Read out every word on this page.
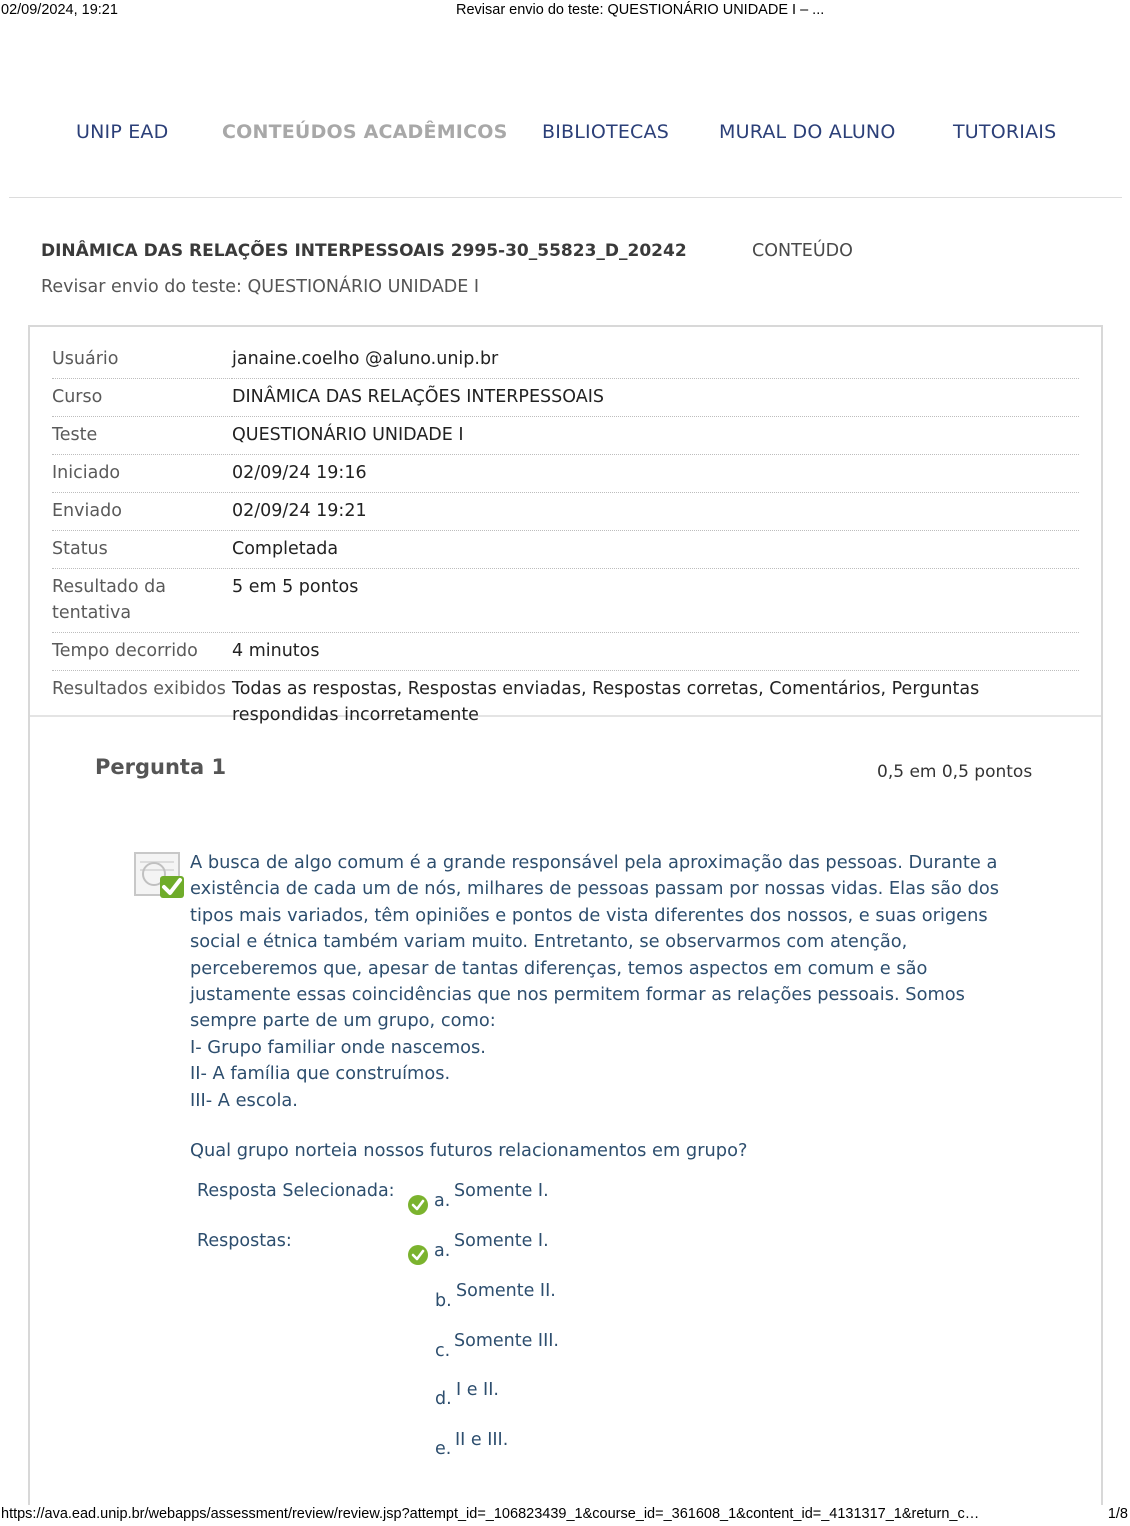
02/09/2024, 19:21	Revisar envio do teste: QUESTIONÁRIO UNIDADE I – ...
UNIP EAD	CONTEÚDOS ACADÊMICOS BIBLIOTECAS	MURAL DO ALUNO	TUTORIAIS
DINÂMICA DAS RELAÇÕES INTERPESSOAIS 2995-30_55823_D_20242	CONTEÚDO
Revisar envio do teste: QUESTIONÁRIO UNIDADE I
Usuário	janaine.coelho @aluno.unip.br
Curso	DINÂMICA DAS RELAÇÕES INTERPESSOAIS
Teste	QUESTIONÁRIO UNIDADE I
Iniciado	02/09/24 19:16
Enviado	02/09/24 19:21
Status	Completada
Resultado da tentativa	5 em 5 pontos
Tempo decorrido	4 minutos
Resultados exibidos	Todas as respostas, Respostas enviadas, Respostas corretas, Comentários, Perguntas respondidas incorretamente
Pergunta 1	0,5 em 0,5 pontos

A busca de algo comum é a grande responsável pela aproximação das pessoas. Durante a existência de cada um de nós, milhares de pessoas passam por nossas vidas. Elas são dos tipos mais variados, têm opiniões e pontos de vista diferentes dos nossos, e suas origens social e étnica também variam muito. Entretanto, se observarmos com atenção, perceberemos que, apesar de tantas diferenças, temos aspectos em comum e são justamente essas coincidências que nos permitem formar as relações pessoais. Somos sempre parte de um grupo, como:

I- Grupo familiar onde nascemos.
II- A família que construímos.
III- A escola.
Qual grupo norteia nossos futuros relacionamentos em grupo?
Resposta Selecionada: a. Somente I.
Respostas:	a. Somente I.
b. Somente II.
c. Somente III.
d. I e II.
e. II e III.
https://ava.ead.unip.br/webapps/assessment/review/review.jsp?attempt_id=_106823439_1&course_id=_361608_1&content_id=_4131317_1&return_c…	1/8
